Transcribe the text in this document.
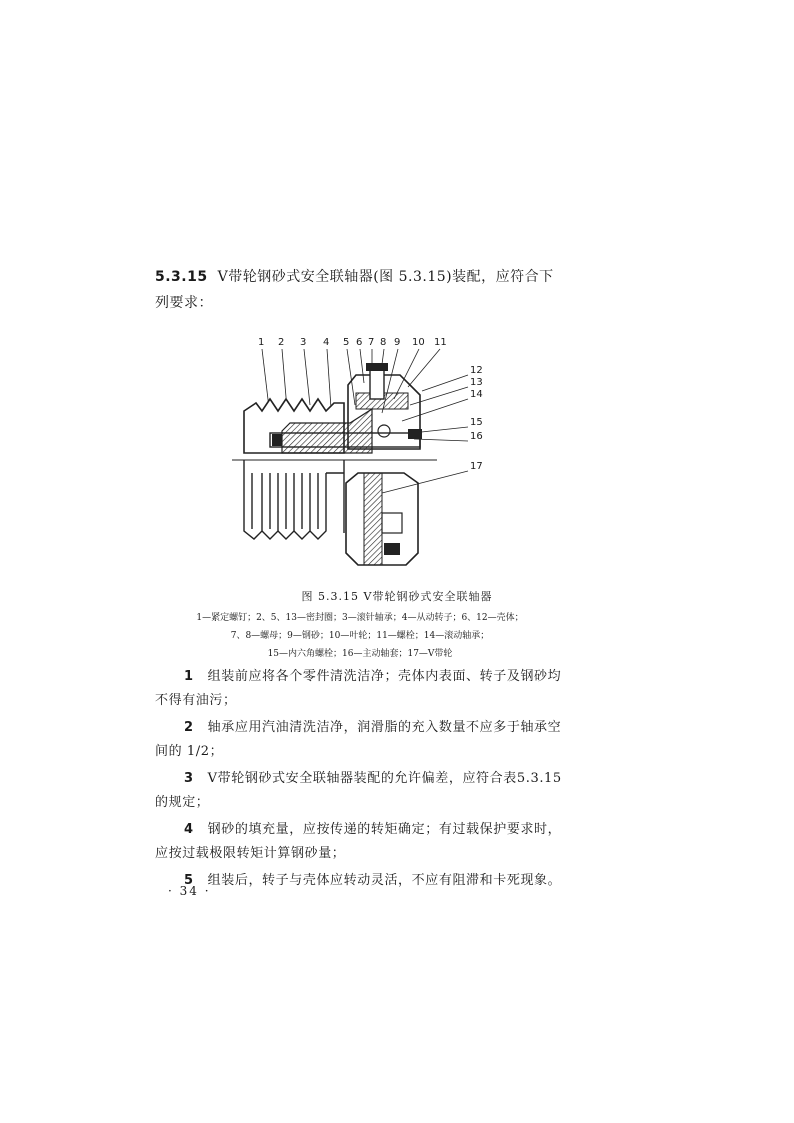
5.3.15 V带轮钢砂式安全联轴器(图 5.3.15)装配，应符合下列要求：
1 2 3 4 5 6 7 8 9 10 11
12
13
14
15
16
17
图 5.3.15 V带轮钢砂式安全联轴器
1—紧定螺钉；2、5、13—密封圈；3—滚针轴承；4—从动转子；6、12—壳体；
7、8—螺母；9—钢砂；10—叶轮；11—螺栓；14—滚动轴承；
15—内六角螺栓；16—主动轴套；17—V带轮
1 组装前应将各个零件清洗洁净；壳体内表面、转子及钢砂均不得有油污；
2 轴承应用汽油清洗洁净，润滑脂的充入数量不应多于轴承空间的 1/2；
3 V带轮钢砂式安全联轴器装配的允许偏差，应符合表5.3.15的规定；
4 钢砂的填充量，应按传递的转矩确定；有过载保护要求时，应按过载极限转矩计算钢砂量；
5 组装后，转子与壳体应转动灵活，不应有阻滞和卡死现象。
· 34 ·
